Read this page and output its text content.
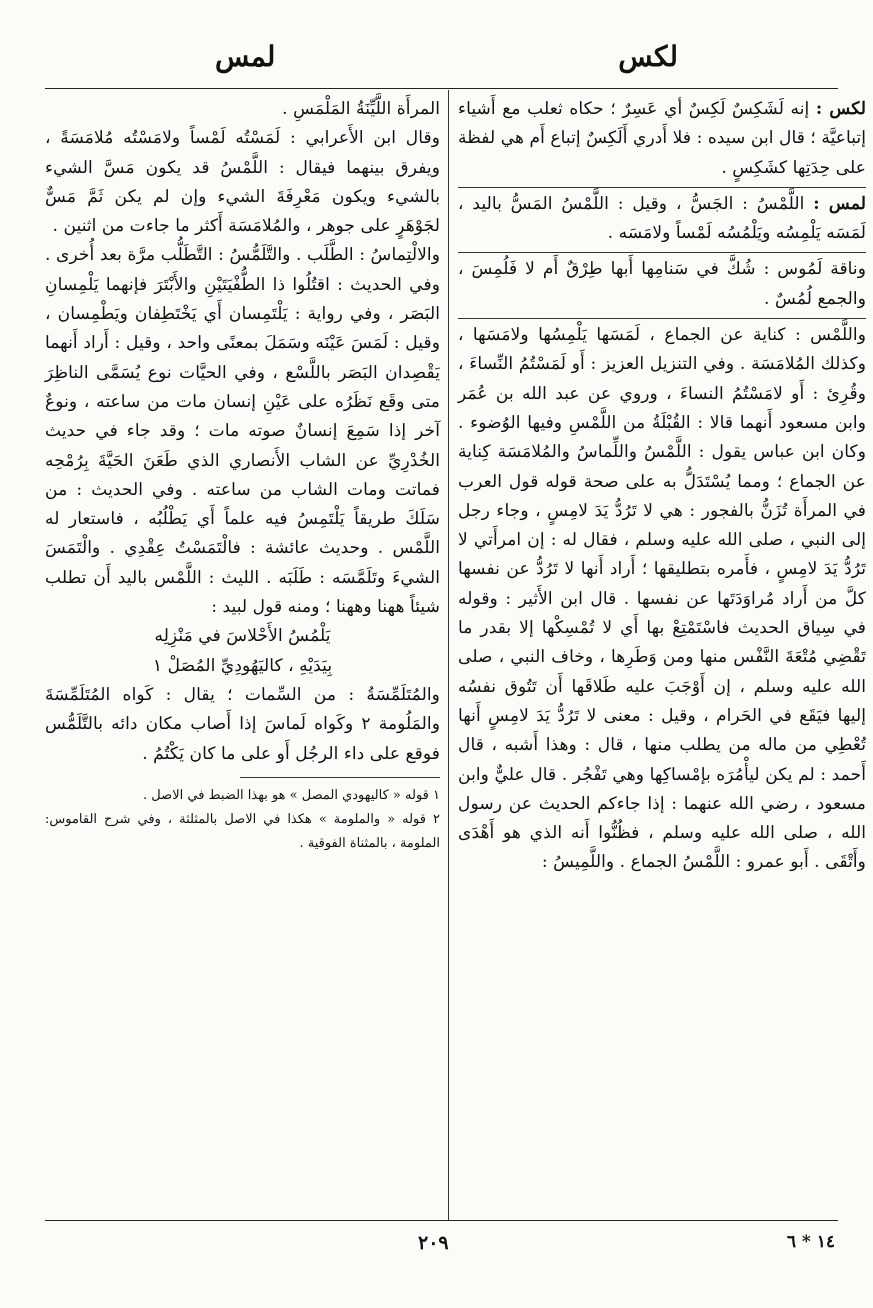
لكس
لمس

لكس : إنه لَشَكِسٌ لَكِسٌ أي عَسِرٌ ؛ حكاه ثعلب مع أَشياء إتباعيَّة ؛ قال ابن سيده : فلا أَدري أَلَكِسٌ إتباع أَم هي لفظة على حِدَتِها كشَكِسٍ .

لمس : اللَّمْسُ : الجَسُّ ، وقيل : اللَّمْسُ المَسُّ باليد ، لَمَسَه يَلْمِسُه ويَلْمُسُه لَمْساً ولامَسَه .

وناقة لَمُوس : شُكَّ في سَنامِها أَبها طِرْقٌ أَم لا فَلُمِسَ ، والجمع لُمُسٌ .

واللَّمْس : كناية عن الجماع ، لَمَسَها يَلْمِسُها ولامَسَها ، وكذلك المُلامَسَة . وفي التنزيل العزيز : أَو لَمَسْتُمُ النِّساءَ ، وقُرِئ : أَو لامَسْتُمُ النساءَ ، وروي عن عبد الله بن عُمَر وابن مسعود أَنهما قالا : القُبْلَةُ من اللَّمْسِ وفيها الوُضوء . وكان ابن عباس يقول : اللَّمْسُ واللِّماسُ والمُلامَسَة كِناية عن الجماع ؛ ومما يُسْتَدَلُّ به على صحة قوله قول العرب في المرأَة تُزَنُّ بالفجور : هي لا تَرُدُّ يَدَ لامِسٍ ، وجاء رجل إلى النبي ، صلى الله عليه وسلم ، فقال له : إن امرأَتي لا تَرُدُّ يَدَ لامِسٍ ، فأَمره بتطليقها ؛ أَراد أَنها لا تَرُدُّ عن نفسها كلَّ من أَراد مُراوَدَتَها عن نفسها . قال ابن الأَثير : وقوله في سِياق الحديث فاسْتَمْتِعْ بها أَي لا تُمْسِكْها إلا بقدر ما تَقْضِي مُتْعَةَ النَّفْس منها ومن وَطَرِها ، وخاف النبي ، صلى الله عليه وسلم ، إن أَوْجَبَ عليه طَلاقَها أَن تَتُوق نفسُه إليها فيَقَع في الحَرام ، وقيل : معنى لا تَرُدُّ يَدَ لامِسٍ أَنها تُعْطِي من ماله من يطلب منها ، قال : وهذا أَشبه ، قال أَحمد : لم يكن ليأْمُرَه بإمْساكِها وهي تَفْجُر . قال عليٌّ وابن مسعود ، رضي الله عنهما : إذا جاءكم الحديث عن رسول الله ، صلى الله عليه وسلم ، فظُنُّوا أَنه الذي هو أَهْدَى وأَتْقَى . أَبو عمرو : اللَّمْسُ الجماع . واللَّمِيسُ :

المرأَة اللَّيِّنَةُ المَلْمَسِ .

وقال ابن الأَعرابي : لَمَسْتُه لَمْساً ولامَسْتُه مُلامَسَةً ، ويفرق بينهما فيقال : اللَّمْسُ قد يكون مَسَّ الشيء بالشيء ويكون مَعْرِفَةَ الشيء وإن لم يكن ثَمَّ مَسٌّ لجَوْهَرٍ على جوهر ، والمُلامَسَة أَكثر ما جاءت من اثنين .

والالْتِماسُ : الطَّلَب . والتَّلَمُّسُ : التَّطَلُّب مرَّة بعد أُخرى . وفي الحديث : اقتُلُوا ذا الطُّفْيَتَيْنِ والأَبْتَرَ فإنهما يَلْمِسانِ البَصَر ، وفي رواية : يَلْتَمِسان أَي يَخْتَطِفان ويَطْمِسان ، وقيل : لَمَسَ عَيْنَه وسَمَلَ بمعنًى واحد ، وقيل : أَراد أَنهما يَقْصِدان البَصَر باللَّسْع ، وفي الحيَّات نوع يُسَمَّى الناظِرَ متى وقَع نَظَرُه على عَيْنِ إنسان مات من ساعته ، ونوعٌ آخر إذا سَمِعَ إنسانٌ صوته مات ؛ وقد جاء في حديث الخُدْرِيِّ عن الشاب الأَنصاري الذي طَعَنَ الحَيَّةَ بِرُمْحِه فماتت ومات الشاب من ساعته . وفي الحديث : من سَلَكَ طريقاً يَلْتَمِسُ فيه علماً أَي يَطْلُبُه ، فاستعار له اللَّمْس . وحديث عائشة : فالْتَمَسْتُ عِقْدِي . والْتَمَسَ الشيءَ وتَلَمَّسَه : طَلَبَه . الليث : اللَّمْس باليد أَن تطلب شيئاً ههنا وههنا ؛ ومنه قول لبيد :

يَلْمُسُ الأَحْلاسَ في مَنْزِلِه

بِيَدَيْهِ ، كاليَهُودِيِّ المُصَلْ ١

والمُتَلَمِّسَةُ : من السِّمات ؛ يقال : كَواه المُتَلَمِّسَةَ والمَلُومة ٢ وكَواه لَماسَ إذا أَصاب مكان دائه بالتَّلَمُّس فوقع على داء الرجُل أَو على ما كان يَكْتُمُ .

١ قوله « كاليهودي المصل » هو بهذا الضبط في الاصل .

٢ قوله « والملومة » هكذا في الاصل بالمثلثة ، وفي شرح القاموس: الملومة ، بالمثناة الفوقية .

٢٠٩	١٤ * ٦
